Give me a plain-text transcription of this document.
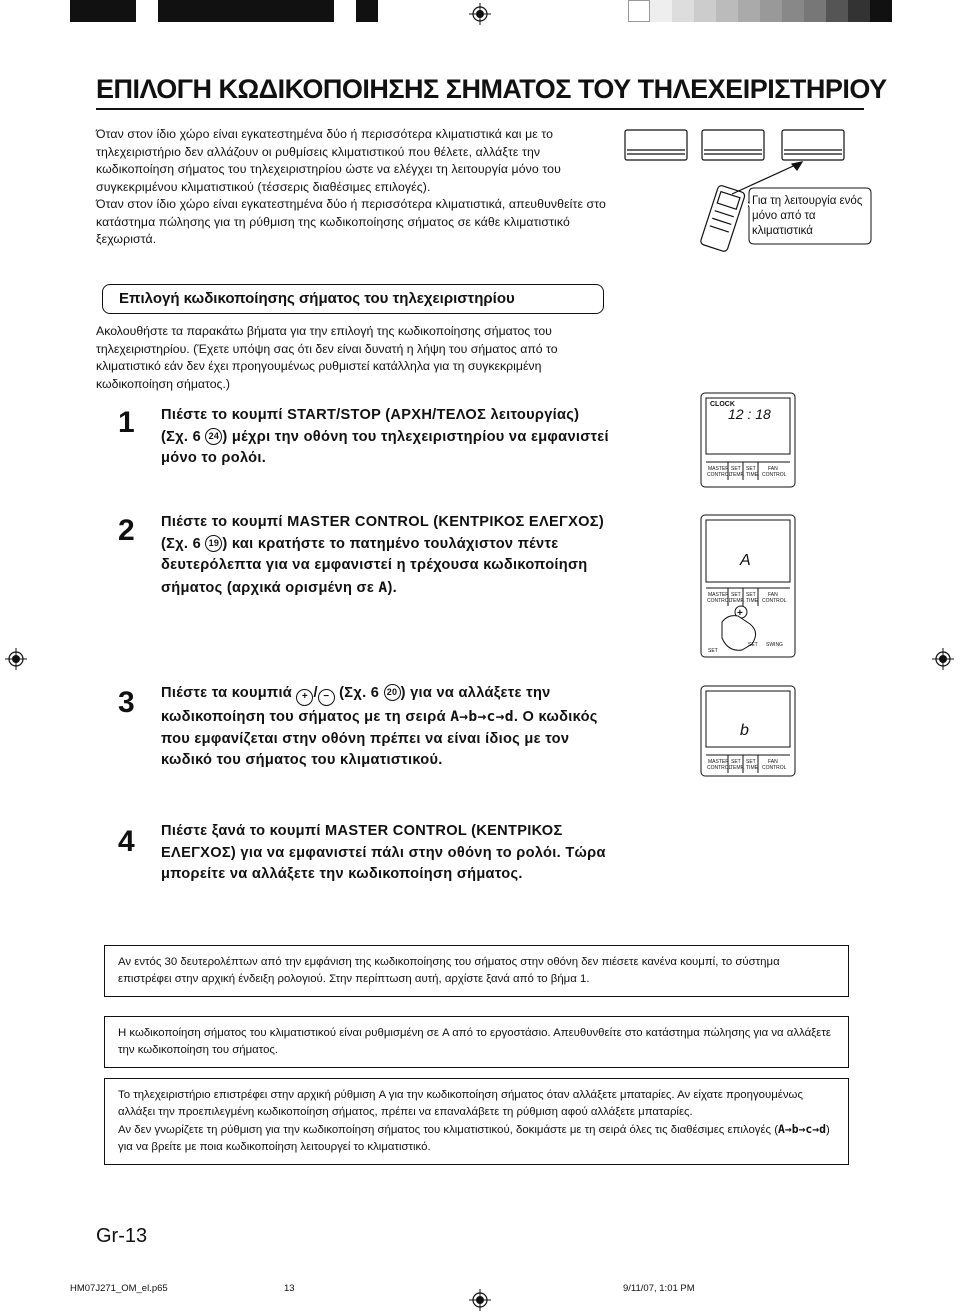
ΕΠΙΛΟΓΗ ΚΩΔΙΚΟΠΟΙΗΣΗΣ ΣΗΜΑΤΟΣ ΤΟΥ ΤΗΛΕΧΕΙΡΙΣΤΗΡΙΟΥ

Όταν στον ίδιο χώρο είναι εγκατεστημένα δύο ή περισσότερα κλιματιστικά και με το τηλεχειριστήριο δεν αλλάζουν οι ρυθμίσεις κλιματιστικού που θέλετε, αλλάξτε την κωδικοποίηση σήματος του τηλεχειριστηρίου ώστε να ελέγχει τη λειτουργία μόνο του συγκεκριμένου κλιματιστικού (τέσσερις διαθέσιμες επιλογές).

Όταν στον ίδιο χώρο είναι εγκατεστημένα δύο ή περισσότερα κλιματιστικά, απευθυνθείτε στο κατάστημα πώλησης για τη ρύθμιση της κωδικοποίησης σήματος σε κάθε κλιματιστικό ξεχωριστά.

Για τη λειτουργία ενός μόνο από τα κλιματιστικά
Επιλογή κωδικοποίησης σήματος του τηλεχειριστηρίου
Ακολουθήστε τα παρακάτω βήματα για την επιλογή της κωδικοποίησης σήματος του τηλεχειριστηρίου. (Έχετε υπόψη σας ότι δεν είναι δυνατή η λήψη του σήματος από το κλιματιστικό εάν δεν έχει προηγουμένως ρυθμιστεί κατάλληλα για τη συγκεκριμένη κωδικοποίηση σήματος.)
1 Πιέστε το κουμπί START/STOP (ΑΡΧΗ/ΤΕΛΟΣ λειτουργίας) (Σχ. 6 24 ) μέχρι την οθόνη του τηλεχειριστηρίου να εμφανιστεί μόνο το ρολόι.
CLOCK
12 : 18
MASTER
CONTROL
SET
TEMP.
SET
TIME
FAN
CONTROL
2 Πιέστε το κουμπί MASTER CONTROL (ΚΕΝΤΡΙΚΟΣ ΕΛΕΓΧΟΣ) (Σχ. 6 19 ) και κρατήστε το πατημένο τουλάχιστον πέντε δευτερόλεπτα για να εμφανιστεί η τρέχουσα κωδικοποίηση σήματος (αρχικά ορισμένη σε A).
A
+
MASTER
CONTROL
SET
TEMP.
SET
TIME
FAN
CONTROL
SET
SET SWING
3 Πιέστε τα κουμπιά + / − (Σχ. 6 20 ) για να αλλάξετε την κωδικοποίηση του σήματος με τη σειρά A→b→c→d. Ο κωδικός που εμφανίζεται στην οθόνη πρέπει να είναι ίδιος με τον κωδικό του σήματος του κλιματιστικού.
b
MASTER
CONTROL
SET
TEMP.
SET
TIME
FAN
CONTROL
4 Πιέστε ξανά το κουμπί MASTER CONTROL (ΚΕΝΤΡΙΚΟΣ ΕΛΕΓΧΟΣ) για να εμφανιστεί πάλι στην οθόνη το ρολόι. Τώρα μπορείτε να αλλάξετε την κωδικοποίηση σήματος.

Αν εντός 30 δευτερολέπτων από την εμφάνιση της κωδικοποίησης του σήματος στην οθόνη δεν πιέσετε κανένα κουμπί, το σύστημα επιστρέφει στην αρχική ένδειξη ρολογιού. Στην περίπτωση αυτή, αρχίστε ξανά από το βήμα 1.

Η κωδικοποίηση σήματος του κλιματιστικού είναι ρυθμισμένη σε A από το εργοστάσιο. Απευθυνθείτε στο κατάστημα πώλησης για να αλλάξετε την κωδικοποίηση του σήματος.

Το τηλεχειριστήριο επιστρέφει στην αρχική ρύθμιση A για την κωδικοποίηση σήματος όταν αλλάξετε μπαταρίες. Αν είχατε προηγουμένως αλλάξει την προεπιλεγμένη κωδικοποίηση σήματος, πρέπει να επαναλάβετε τη ρύθμιση αφού αλλάξετε μπαταρίες.

Αν δεν γνωρίζετε τη ρύθμιση για την κωδικοποίηση σήματος του κλιματιστικού, δοκιμάστε με τη σειρά όλες τις διαθέσιμες επιλογές (A→b→c→d) για να βρείτε με ποια κωδικοποίηση λειτουργεί το κλιματιστικό.

Gr-13
HM07J271_OM_el.p65	13	9/11/07, 1:01 PM
